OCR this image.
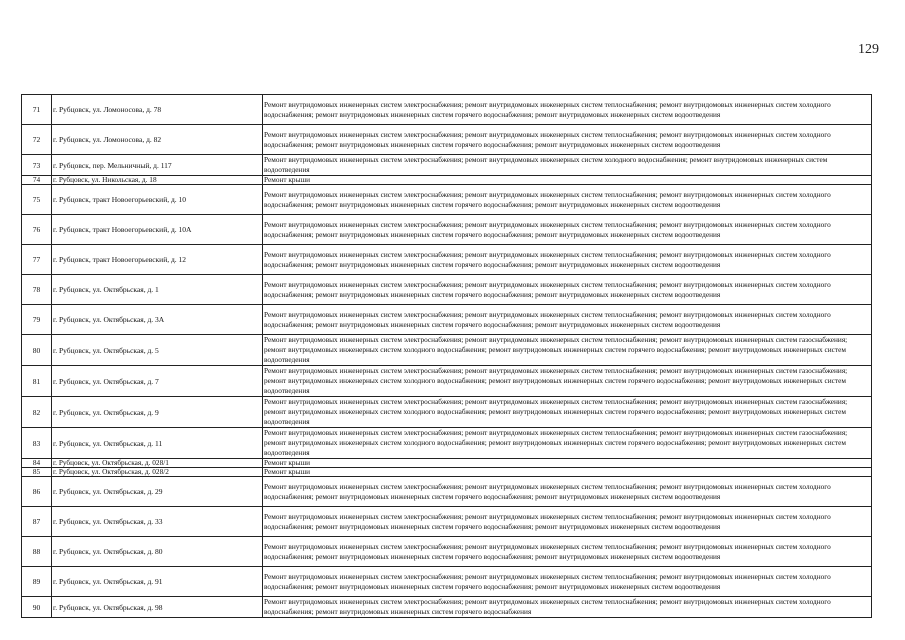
129
71	г. Рубцовск, ул. Ломоносова, д. 78	Ремонт внутридомовых инженерных систем электроснабжения; ремонт внутридомовых инженерных систем теплоснабжения; ремонт внутридомовых инженерных систем холодного водоснабжения; ремонт внутридомовых инженерных систем горячего водоснабжения; ремонт внутридомовых инженерных систем водоотведения
72	г. Рубцовск, ул. Ломоносова, д. 82	Ремонт внутридомовых инженерных систем электроснабжения; ремонт внутридомовых инженерных систем теплоснабжения; ремонт внутридомовых инженерных систем холодного водоснабжения; ремонт внутридомовых инженерных систем горячего водоснабжения; ремонт внутридомовых инженерных систем водоотведения
73	г. Рубцовск, пер. Мельничный, д. 117	Ремонт внутридомовых инженерных систем электроснабжения; ремонт внутридомовых инженерных систем холодного водоснабжения; ремонт внутридомовых инженерных систем водоотведения
74	г. Рубцовск, ул. Никольская, д. 18	Ремонт крыши
75	г. Рубцовск, тракт Новоегорьевский, д. 10	Ремонт внутридомовых инженерных систем электроснабжения; ремонт внутридомовых инженерных систем теплоснабжения; ремонт внутридомовых инженерных систем холодного водоснабжения; ремонт внутридомовых инженерных систем горячего водоснабжения; ремонт внутридомовых инженерных систем водоотведения
76	г. Рубцовск, тракт Новоегорьевский, д. 10А	Ремонт внутридомовых инженерных систем электроснабжения; ремонт внутридомовых инженерных систем теплоснабжения; ремонт внутридомовых инженерных систем холодного водоснабжения; ремонт внутридомовых инженерных систем горячего водоснабжения; ремонт внутридомовых инженерных систем водоотведения
77	г. Рубцовск, тракт Новоегорьевский, д. 12	Ремонт внутридомовых инженерных систем электроснабжения; ремонт внутридомовых инженерных систем теплоснабжения; ремонт внутридомовых инженерных систем холодного водоснабжения; ремонт внутридомовых инженерных систем горячего водоснабжения; ремонт внутридомовых инженерных систем водоотведения
78	г. Рубцовск, ул. Октябрьская, д. 1	Ремонт внутридомовых инженерных систем электроснабжения; ремонт внутридомовых инженерных систем теплоснабжения; ремонт внутридомовых инженерных систем холодного водоснабжения; ремонт внутридомовых инженерных систем горячего водоснабжения; ремонт внутридомовых инженерных систем водоотведения
79	г. Рубцовск, ул. Октябрьская, д. 3А	Ремонт внутридомовых инженерных систем электроснабжения; ремонт внутридомовых инженерных систем теплоснабжения; ремонт внутридомовых инженерных систем холодного водоснабжения; ремонт внутридомовых инженерных систем горячего водоснабжения; ремонт внутридомовых инженерных систем водоотведения
80	г. Рубцовск, ул. Октябрьская, д. 5	Ремонт внутридомовых инженерных систем электроснабжения; ремонт внутридомовых инженерных систем теплоснабжения; ремонт внутридомовых инженерных систем газоснабжения; ремонт внутридомовых инженерных систем холодного водоснабжения; ремонт внутридомовых инженерных систем горячего водоснабжения; ремонт внутридомовых инженерных систем водоотведения
81	г. Рубцовск, ул. Октябрьская, д. 7	Ремонт внутридомовых инженерных систем электроснабжения; ремонт внутридомовых инженерных систем теплоснабжения; ремонт внутридомовых инженерных систем газоснабжения; ремонт внутридомовых инженерных систем холодного водоснабжения; ремонт внутридомовых инженерных систем горячего водоснабжения; ремонт внутридомовых инженерных систем водоотведения
82	г. Рубцовск, ул. Октябрьская, д. 9	Ремонт внутридомовых инженерных систем электроснабжения; ремонт внутридомовых инженерных систем теплоснабжения; ремонт внутридомовых инженерных систем газоснабжения; ремонт внутридомовых инженерных систем холодного водоснабжения; ремонт внутридомовых инженерных систем горячего водоснабжения; ремонт внутридомовых инженерных систем водоотведения
83	г. Рубцовск, ул. Октябрьская, д. 11	Ремонт внутридомовых инженерных систем электроснабжения; ремонт внутридомовых инженерных систем теплоснабжения; ремонт внутридомовых инженерных систем газоснабжения; ремонт внутридомовых инженерных систем холодного водоснабжения; ремонт внутридомовых инженерных систем горячего водоснабжения; ремонт внутридомовых инженерных систем водоотведения
84	г. Рубцовск, ул. Октябрьская, д. 028/1	Ремонт крыши
85	г. Рубцовск, ул. Октябрьская, д. 028/2	Ремонт крыши
86	г. Рубцовск, ул. Октябрьская, д. 29	Ремонт внутридомовых инженерных систем электроснабжения; ремонт внутридомовых инженерных систем теплоснабжения; ремонт внутридомовых инженерных систем холодного водоснабжения; ремонт внутридомовых инженерных систем горячего водоснабжения; ремонт внутридомовых инженерных систем водоотведения
87	г. Рубцовск, ул. Октябрьская, д. 33	Ремонт внутридомовых инженерных систем электроснабжения; ремонт внутридомовых инженерных систем теплоснабжения; ремонт внутридомовых инженерных систем холодного водоснабжения; ремонт внутридомовых инженерных систем горячего водоснабжения; ремонт внутридомовых инженерных систем водоотведения
88	г. Рубцовск, ул. Октябрьская, д. 80	Ремонт внутридомовых инженерных систем электроснабжения; ремонт внутридомовых инженерных систем теплоснабжения; ремонт внутридомовых инженерных систем холодного водоснабжения; ремонт внутридомовых инженерных систем горячего водоснабжения; ремонт внутридомовых инженерных систем водоотведения
89	г. Рубцовск, ул. Октябрьская, д. 91	Ремонт внутридомовых инженерных систем электроснабжения; ремонт внутридомовых инженерных систем теплоснабжения; ремонт внутридомовых инженерных систем холодного водоснабжения; ремонт внутридомовых инженерных систем горячего водоснабжения; ремонт внутридомовых инженерных систем водоотведения
90	г. Рубцовск, ул. Октябрьская, д. 98	Ремонт внутридомовых инженерных систем электроснабжения; ремонт внутридомовых инженерных систем теплоснабжения; ремонт внутридомовых инженерных систем холодного водоснабжения; ремонт внутридомовых инженерных систем горячего водоснабжения
